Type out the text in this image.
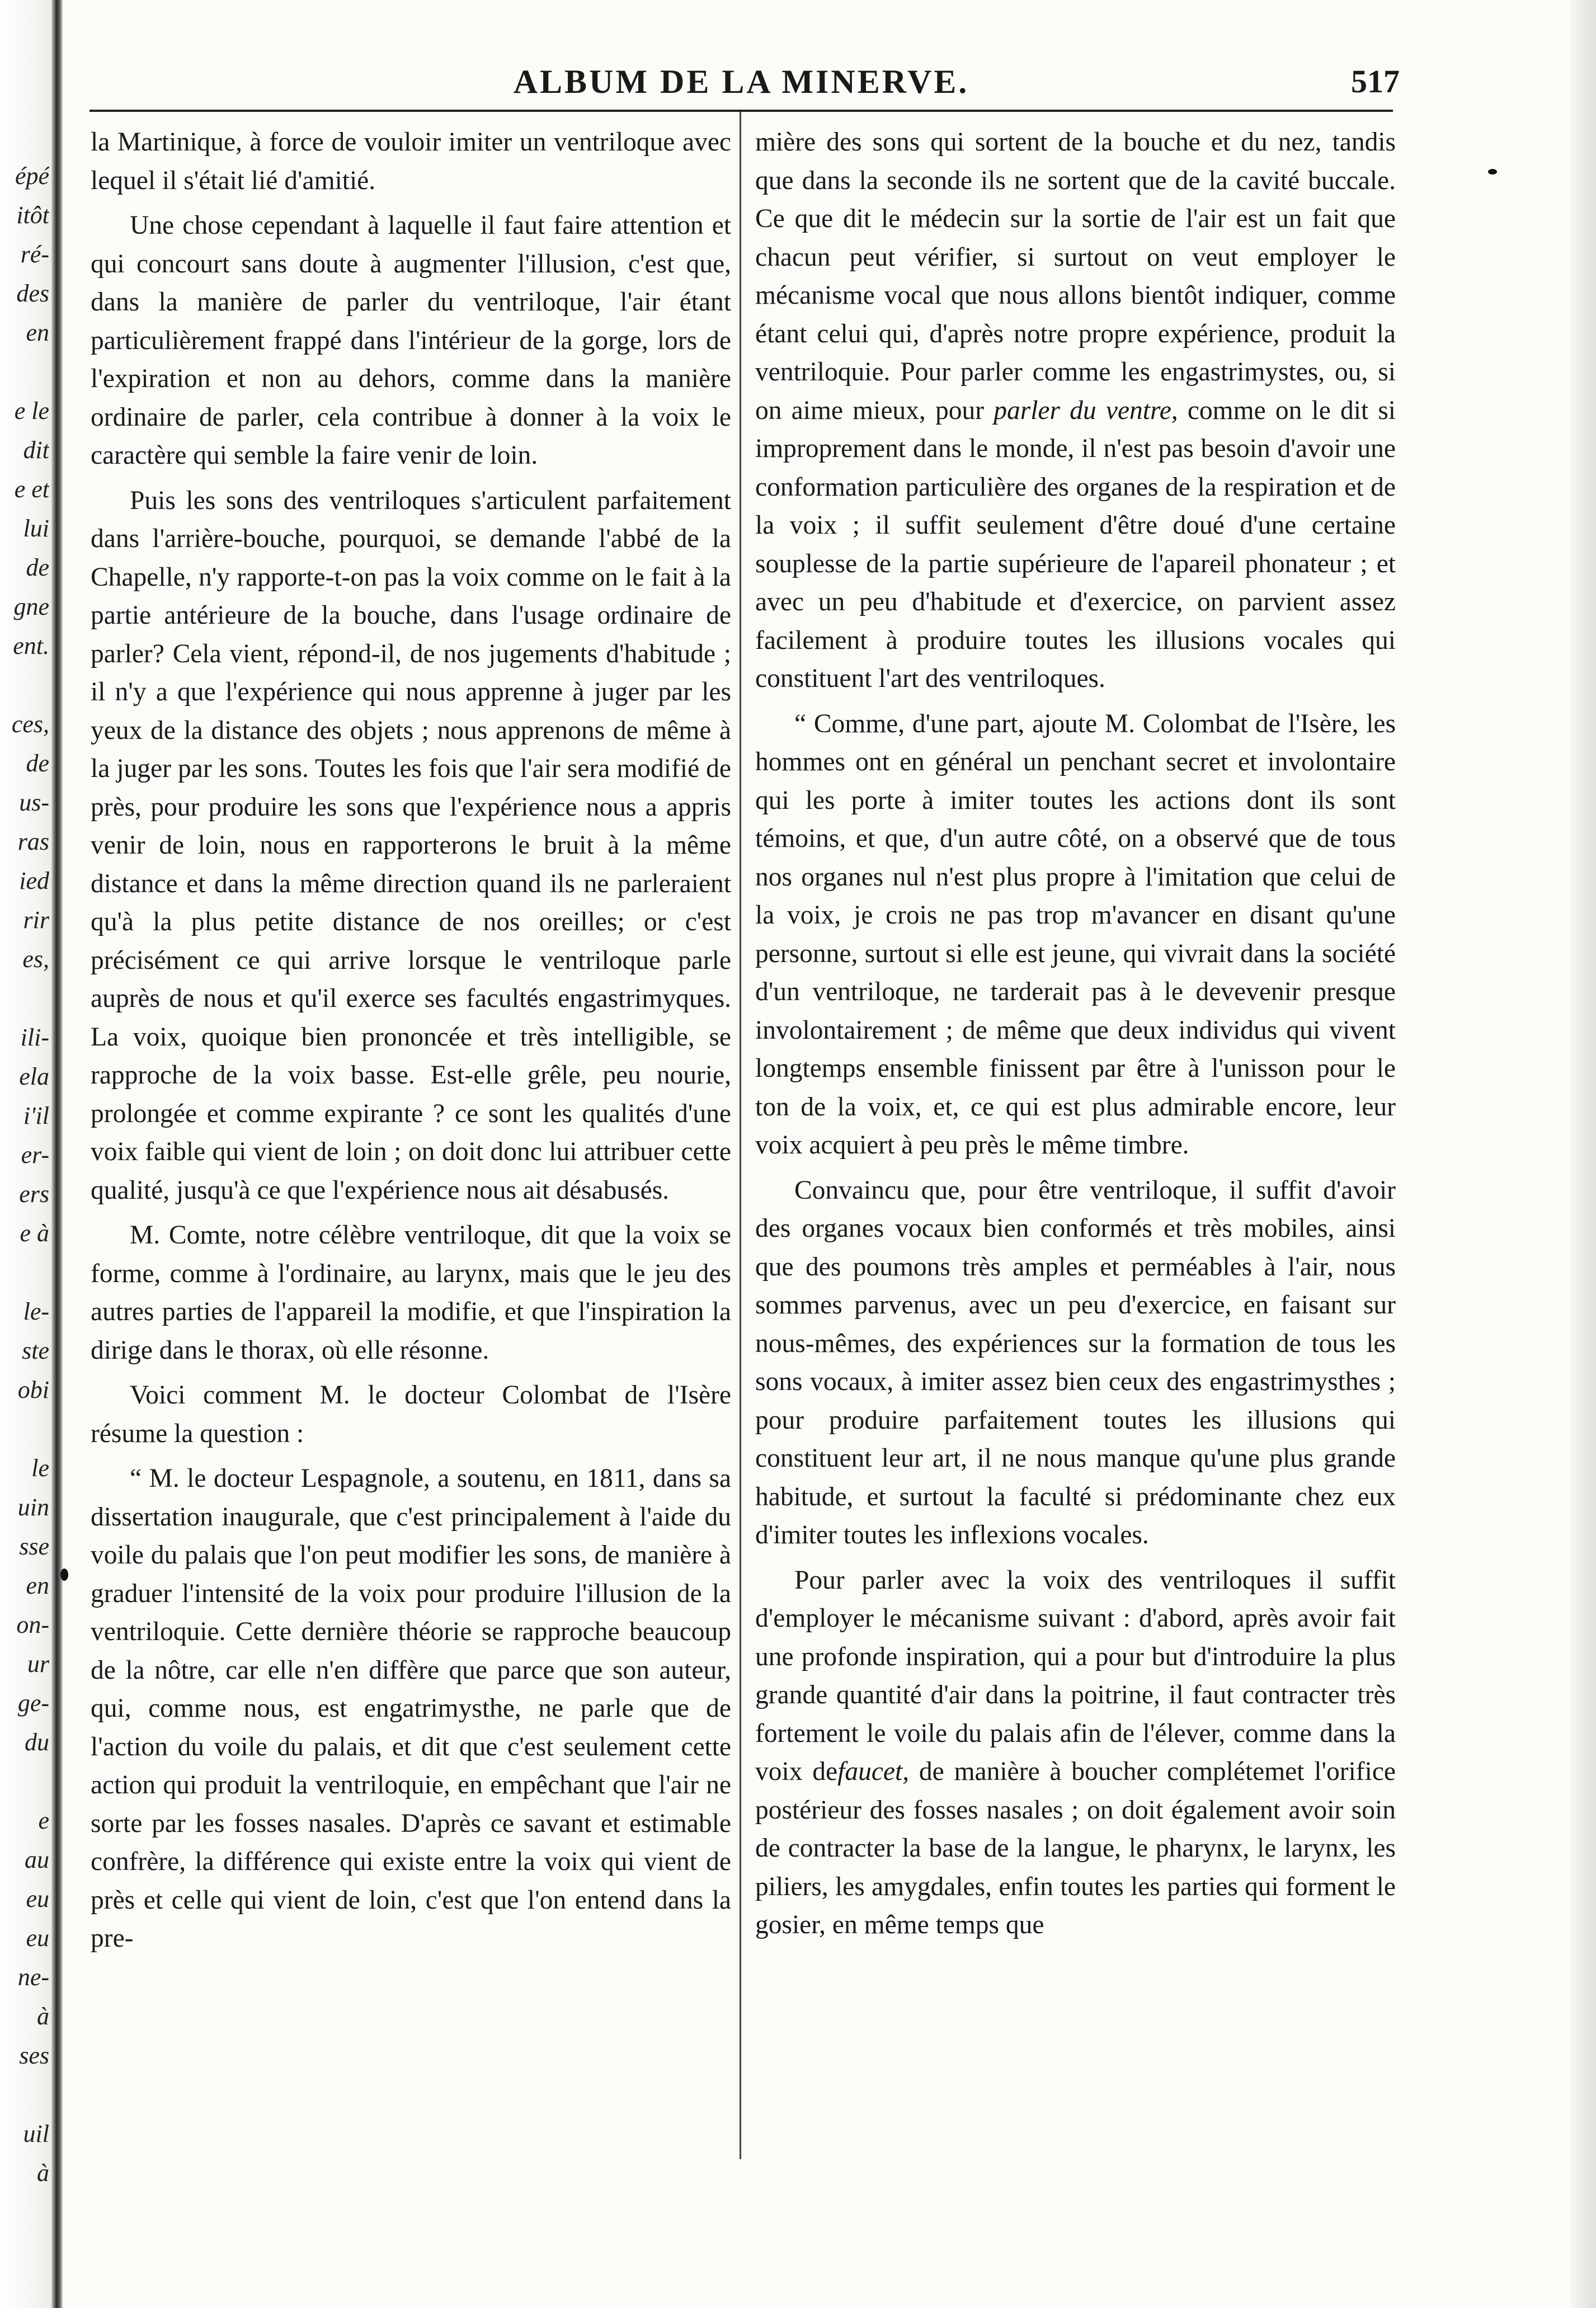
épé
itôt
ré-
des
en
e le
dit
e et
lui
de
gne
ent.
ces,
de
us-
ras
ied
rir
es,
ili-
ela
i'il
er-
ers
e à
le-
ste
obi
le
uin
sse
en
on-
ur
ge-
du
e
au
eu
eu
ne-
à
ses
uil
à
ALBUM DE LA MINERVE.	517

la Martinique, à force de vouloir imiter un ventriloque avec lequel il s'était lié d'amitié.

Une chose cependant à laquelle il faut faire attention et qui concourt sans doute à augmenter l'illusion, c'est que, dans la manière de parler du ventriloque, l'air étant particulièrement frappé dans l'intérieur de la gorge, lors de l'expiration et non au dehors, comme dans la manière ordinaire de parler, cela contribue à donner à la voix le caractère qui semble la faire venir de loin.

Puis les sons des ventriloques s'articulent parfaitement dans l'arrière-bouche, pourquoi, se demande l'abbé de la Chapelle, n'y rapporte-t-on pas la voix comme on le fait à la partie antérieure de la bouche, dans l'usage ordinaire de parler? Cela vient, répond-il, de nos jugements d'habitude ; il n'y a que l'expérience qui nous apprenne à juger par les yeux de la distance des objets ; nous apprenons de même à la juger par les sons. Toutes les fois que l'air sera modifié de près, pour produire les sons que l'expérience nous a appris venir de loin, nous en rapporterons le bruit à la même distance et dans la même direction quand ils ne parleraient qu'à la plus petite distance de nos oreilles; or c'est précisément ce qui arrive lorsque le ventriloque parle auprès de nous et qu'il exerce ses facultés engastrimyques. La voix, quoique bien prononcée et très intelligible, se rapproche de la voix basse. Est-elle grêle, peu nourie, prolongée et comme expirante ? ce sont les qualités d'une voix faible qui vient de loin ; on doit donc lui attribuer cette qualité, jusqu'à ce que l'expérience nous ait désabusés.

M. Comte, notre célèbre ventriloque, dit que la voix se forme, comme à l'ordinaire, au larynx, mais que le jeu des autres parties de l'appareil la modifie, et que l'inspiration la dirige dans le thorax, où elle résonne.

Voici comment M. le docteur Colombat de l'Isère résume la question :

“ M. le docteur Lespagnole, a soutenu, en 1811, dans sa dissertation inaugurale, que c'est principalement à l'aide du voile du palais que l'on peut modifier les sons, de manière à graduer l'intensité de la voix pour produire l'illusion de la ventriloquie. Cette dernière théorie se rapproche beaucoup de la nôtre, car elle n'en diffère que parce que son auteur, qui, comme nous, est engatrimysthe, ne parle que de l'action du voile du palais, et dit que c'est seulement cette action qui produit la ventriloquie, en empêchant que l'air ne sorte par les fosses nasales. D'après ce savant et estimable confrère, la différence qui existe entre la voix qui vient de près et celle qui vient de loin, c'est que l'on entend dans la pre-

mière des sons qui sortent de la bouche et du nez, tandis que dans la seconde ils ne sortent que de la cavité buccale. Ce que dit le médecin sur la sortie de l'air est un fait que chacun peut vérifier, si surtout on veut employer le mécanisme vocal que nous allons bientôt indiquer, comme étant celui qui, d'après notre propre expérience, produit la ventriloquie. Pour parler comme les engastrimystes, ou, si on aime mieux, pour parler du ventre, comme on le dit si improprement dans le monde, il n'est pas besoin d'avoir une conformation particulière des organes de la respiration et de la voix ; il suffit seulement d'être doué d'une certaine souplesse de la partie supérieure de l'apareil phonateur ; et avec un peu d'habitude et d'exercice, on parvient assez facilement à produire toutes les illusions vocales qui constituent l'art des ventriloques.

“ Comme, d'une part, ajoute M. Colombat de l'Isère, les hommes ont en général un penchant secret et involontaire qui les porte à imiter toutes les actions dont ils sont témoins, et que, d'un autre côté, on a observé que de tous nos organes nul n'est plus propre à l'imitation que celui de la voix, je crois ne pas trop m'avancer en disant qu'une personne, surtout si elle est jeune, qui vivrait dans la société d'un ventriloque, ne tarderait pas à le devevenir presque involontairement ; de même que deux individus qui vivent longtemps ensemble finissent par être à l'unisson pour le ton de la voix, et, ce qui est plus admirable encore, leur voix acquiert à peu près le même timbre.

Convaincu que, pour être ventriloque, il suffit d'avoir des organes vocaux bien conformés et très mobiles, ainsi que des poumons très amples et perméables à l'air, nous sommes parvenus, avec un peu d'exercice, en faisant sur nous-mêmes, des expériences sur la formation de tous les sons vocaux, à imiter assez bien ceux des engastrimysthes ; pour produire parfaitement toutes les illusions qui constituent leur art, il ne nous manque qu'une plus grande habitude, et surtout la faculté si prédominante chez eux d'imiter toutes les inflexions vocales.

Pour parler avec la voix des ventriloques il suffit d'employer le mécanisme suivant : d'abord, après avoir fait une profonde inspiration, qui a pour but d'introduire la plus grande quantité d'air dans la poitrine, il faut contracter très fortement le voile du palais afin de l'élever, comme dans la voix defaucet, de manière à boucher complétemet l'orifice postérieur des fosses nasales ; on doit également avoir soin de contracter la base de la langue, le pharynx, le larynx, les piliers, les amygdales, enfin toutes les parties qui forment le gosier, en même temps que
